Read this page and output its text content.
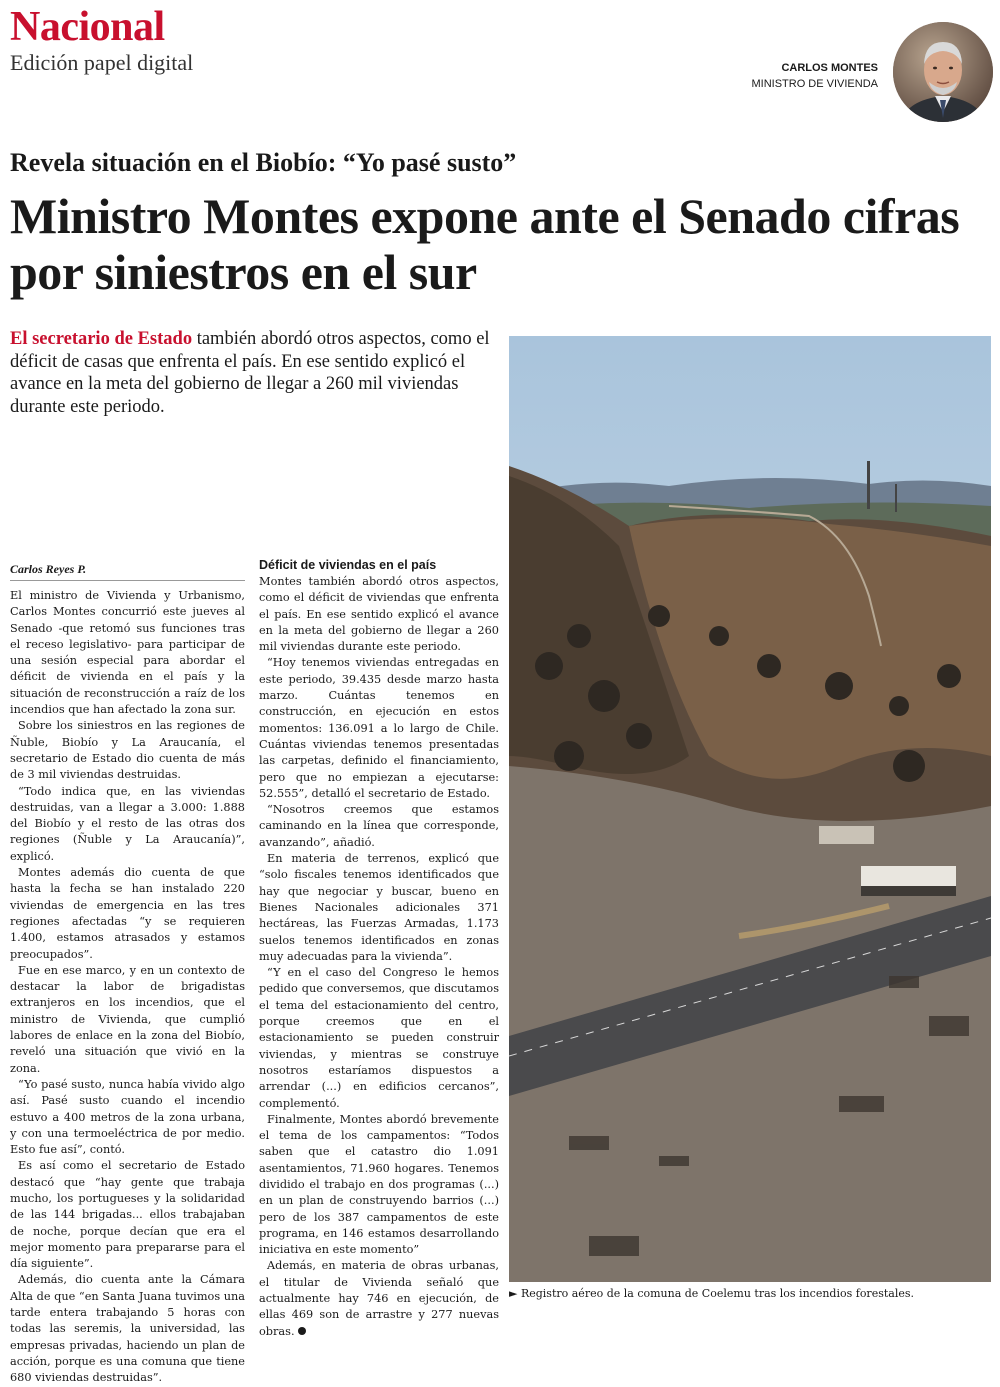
Nacional
Edición papel digital	CARLOS MONTES
MINISTRO DE VIVIENDA
Revela situación en el Biobío: “Yo pasé susto”
Ministro Montes expone ante el Senado cifras por siniestros en el sur
El secretario de Estado también abordó otros aspectos, como el déficit de casas que enfrenta el país. En ese sentido explicó el avance en la meta del gobierno de llegar a 260 mil viviendas durante este periodo.
Carlos Reyes P.	Déficit de viviendas en el país

El ministro de Vivienda y Urbanismo, Carlos Montes concurrió este jueves al Senado -que retomó sus funciones tras el receso legislativo- para participar de una sesión especial para abordar el déficit de vivienda en el país y la situación de reconstrucción a raíz de los incendios que han afectado la zona sur.

Sobre los siniestros en las regiones de Ñuble, Biobío y La Araucanía, el secretario de Estado dio cuenta de más de 3 mil viviendas destruidas.

“Todo indica que, en las viviendas destruidas, van a llegar a 3.000: 1.888 del Biobío y el resto de las otras dos regiones (Ñuble y La Araucanía)”, explicó.

Montes además dio cuenta de que hasta la fecha se han instalado 220 viviendas de emergencia en las tres regiones afectadas “y se requieren 1.400, estamos atrasados y estamos preocupados”.

Fue en ese marco, y en un contexto de destacar la labor de brigadistas extranjeros en los incendios, que el ministro de Vivienda, que cumplió labores de enlace en la zona del Biobío, reveló una situación que vivió en la zona.

“Yo pasé susto, nunca había vivido algo así. Pasé susto cuando el incendio estuvo a 400 metros de la zona urbana, y con una termoeléctrica de por medio. Esto fue así”, contó.

Es así como el secretario de Estado destacó que “hay gente que trabaja mucho, los portugueses y la solidaridad de las 144 brigadas... ellos trabajaban de noche, porque decían que era el mejor momento para prepararse para el día siguiente”.

Además, dio cuenta ante la Cámara Alta de que “en Santa Juana tuvimos una tarde entera trabajando 5 horas con todas las seremis, la universidad, las empresas privadas, haciendo un plan de acción, porque es una comuna que tiene 680 viviendas destruidas”.

Montes también abordó otros aspectos, como el déficit de viviendas que enfrenta el país. En ese sentido explicó el avance en la meta del gobierno de llegar a 260 mil viviendas durante este periodo.

“Hoy tenemos viviendas entregadas en este periodo, 39.435 desde marzo hasta marzo. Cuántas tenemos en construcción, en ejecución en estos momentos: 136.091 a lo largo de Chile. Cuántas viviendas tenemos presentadas las carpetas, definido el financiamiento, pero que no empiezan a ejecutarse: 52.555”, detalló el secretario de Estado.

“Nosotros creemos que estamos caminando en la línea que corresponde, avanzando”, añadió.

En materia de terrenos, explicó que “solo fiscales tenemos identificados que hay que negociar y buscar, bueno en Bienes Nacionales adicionales 371 hectáreas, las Fuerzas Armadas, 1.173 suelos tenemos identificados en zonas muy adecuadas para la vivienda”.

“Y en el caso del Congreso le hemos pedido que conversemos, que discutamos el tema del estacionamiento del centro, porque creemos que en el estacionamiento se pueden construir viviendas, y mientras se construye nosotros estaríamos dispuestos a arrendar (...) en edificios cercanos”, complementó.

Finalmente, Montes abordó brevemente el tema de los campamentos: “Todos saben que el catastro dio 1.091 asentamientos, 71.960 hogares. Tenemos dividido el trabajo en dos programas (...) en un plan de construyendo barrios (...) pero de los 387 campamentos de este programa, en 146 estamos desarrollando iniciativa en este momento”

Además, en materia de obras urbanas, el titular de Vivienda señaló que actualmente hay 746 en ejecución, de ellas 469 son de arrastre y 277 nuevas obras.

► Registro aéreo de la comuna de Coelemu tras los incendios forestales.
